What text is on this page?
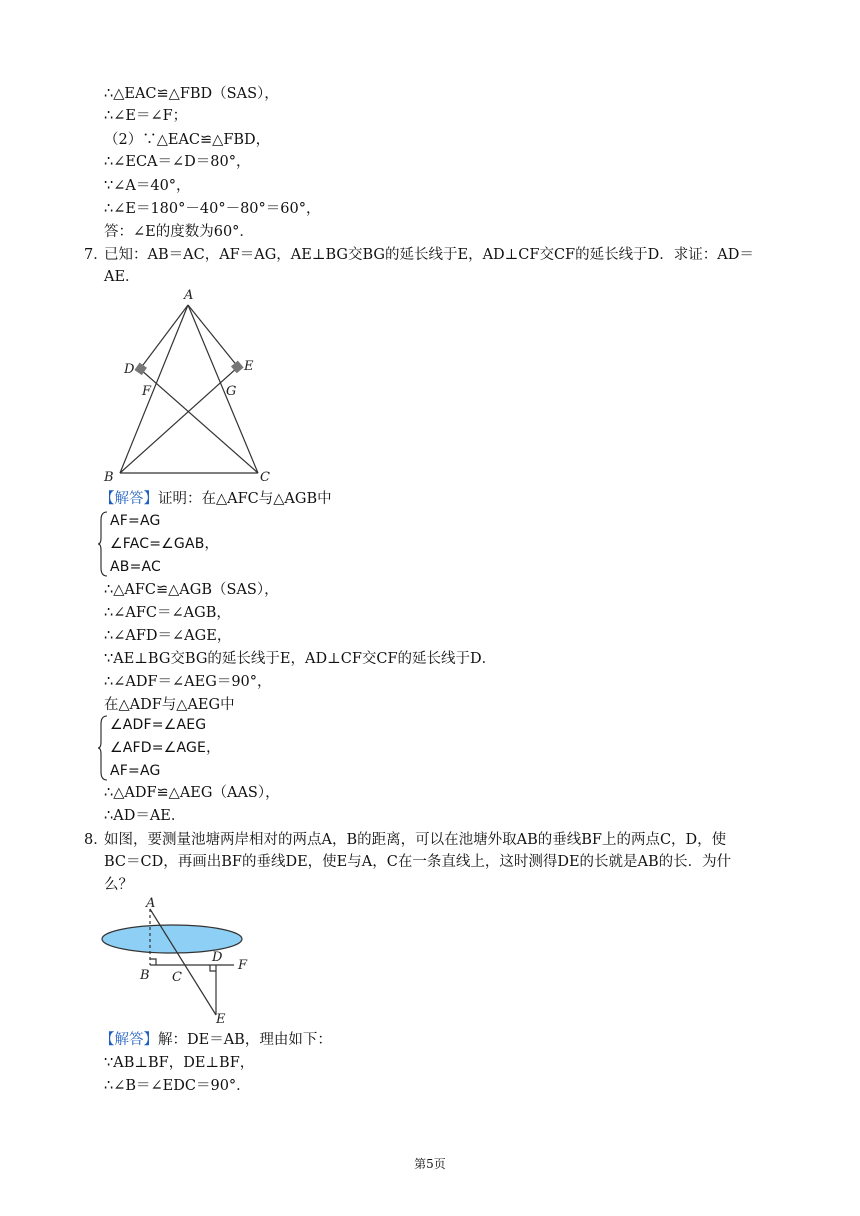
∴△EAC≌△FBD（SAS），
∴∠E＝∠F；
（2）∵△EAC≌△FBD，
∴∠ECA＝∠D＝80°，
∵∠A＝40°，
∴∠E＝180°－40°－80°＝60°，
答：∠E的度数为60°．
7．
已知：AB＝AC，AF＝AG，AE⊥BG交BG的延长线于E，AD⊥CF交CF的延长线于D．求证：AD＝
AE．
A
D	E
F	G
B	C
【解答】证明：在△AFC与△AGB中
AF=AG
∠FAC=∠GAB，
AB=AC
∴△AFC≌△AGB（SAS），
∴∠AFC＝∠AGB，
∴∠AFD＝∠AGE，
∵AE⊥BG交BG的延长线于E，AD⊥CF交CF的延长线于D．
∴∠ADF＝∠AEG＝90°，
在△ADF与△AEG中
∠ADF=∠AEG
∠AFD=∠AGE，
AF=AG
∴△ADF≌△AEG（AAS），
∴AD＝AE．
8．
如图，要测量池塘两岸相对的两点A，B的距离，可以在池塘外取AB的垂线BF上的两点C，D，使
BC＝CD，再画出BF的垂线DE，使E与A，C在一条直线上，这时测得DE的长就是AB的长．为什
么？
A
B C
D
F
E
【解答】解：DE＝AB，理由如下：
∵AB⊥BF，DE⊥BF，
∴∠B＝∠EDC＝90°．
第5页
